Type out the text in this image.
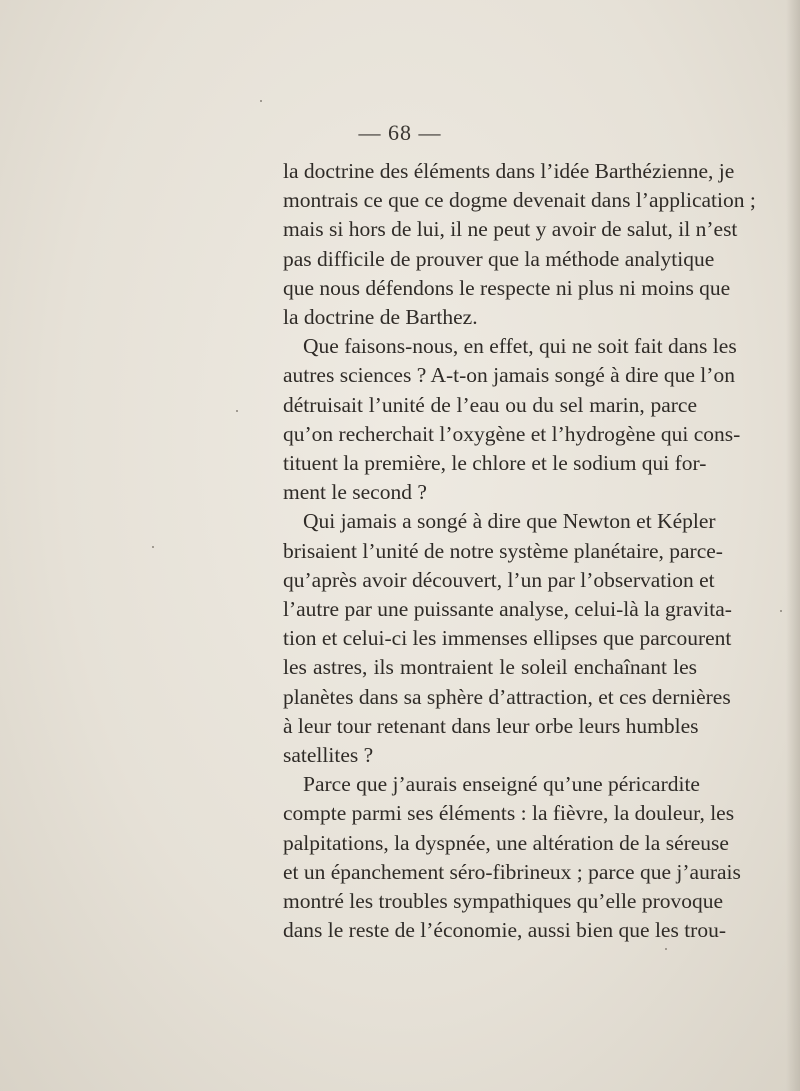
— 68 —

la doctrine des éléments dans l’idée Barthézienne, je
montrais ce que ce dogme devenait dans l’application ;
mais si hors de lui, il ne peut y avoir de salut, il n’est
pas difficile de prouver que la méthode analytique
que nous défendons le respecte ni plus ni moins que
la doctrine de Barthez.

Que faisons-nous, en effet, qui ne soit fait dans les
autres sciences ? A-t-on jamais songé à dire que l’on
détruisait l’unité de l’eau ou du sel marin, parce
qu’on recherchait l’oxygène et l’hydrogène qui cons-
tituent la première, le chlore et le sodium qui for-
ment le second ?

Qui jamais a songé à dire que Newton et Képler
brisaient l’unité de notre système planétaire, parce-
qu’après avoir découvert, l’un par l’observation et
l’autre par une puissante analyse, celui-là la gravita-
tion et celui-ci les immenses ellipses que parcourent
les astres, ils montraient le soleil enchaînant les
planètes dans sa sphère d’attraction, et ces dernières
à leur tour retenant dans leur orbe leurs humbles
satellites ?

Parce que j’aurais enseigné qu’une péricardite
compte parmi ses éléments : la fièvre, la douleur, les
palpitations, la dyspnée, une altération de la séreuse
et un épanchement séro-fibrineux ; parce que j’aurais
montré les troubles sympathiques qu’elle provoque
dans le reste de l’économie, aussi bien que les trou-
